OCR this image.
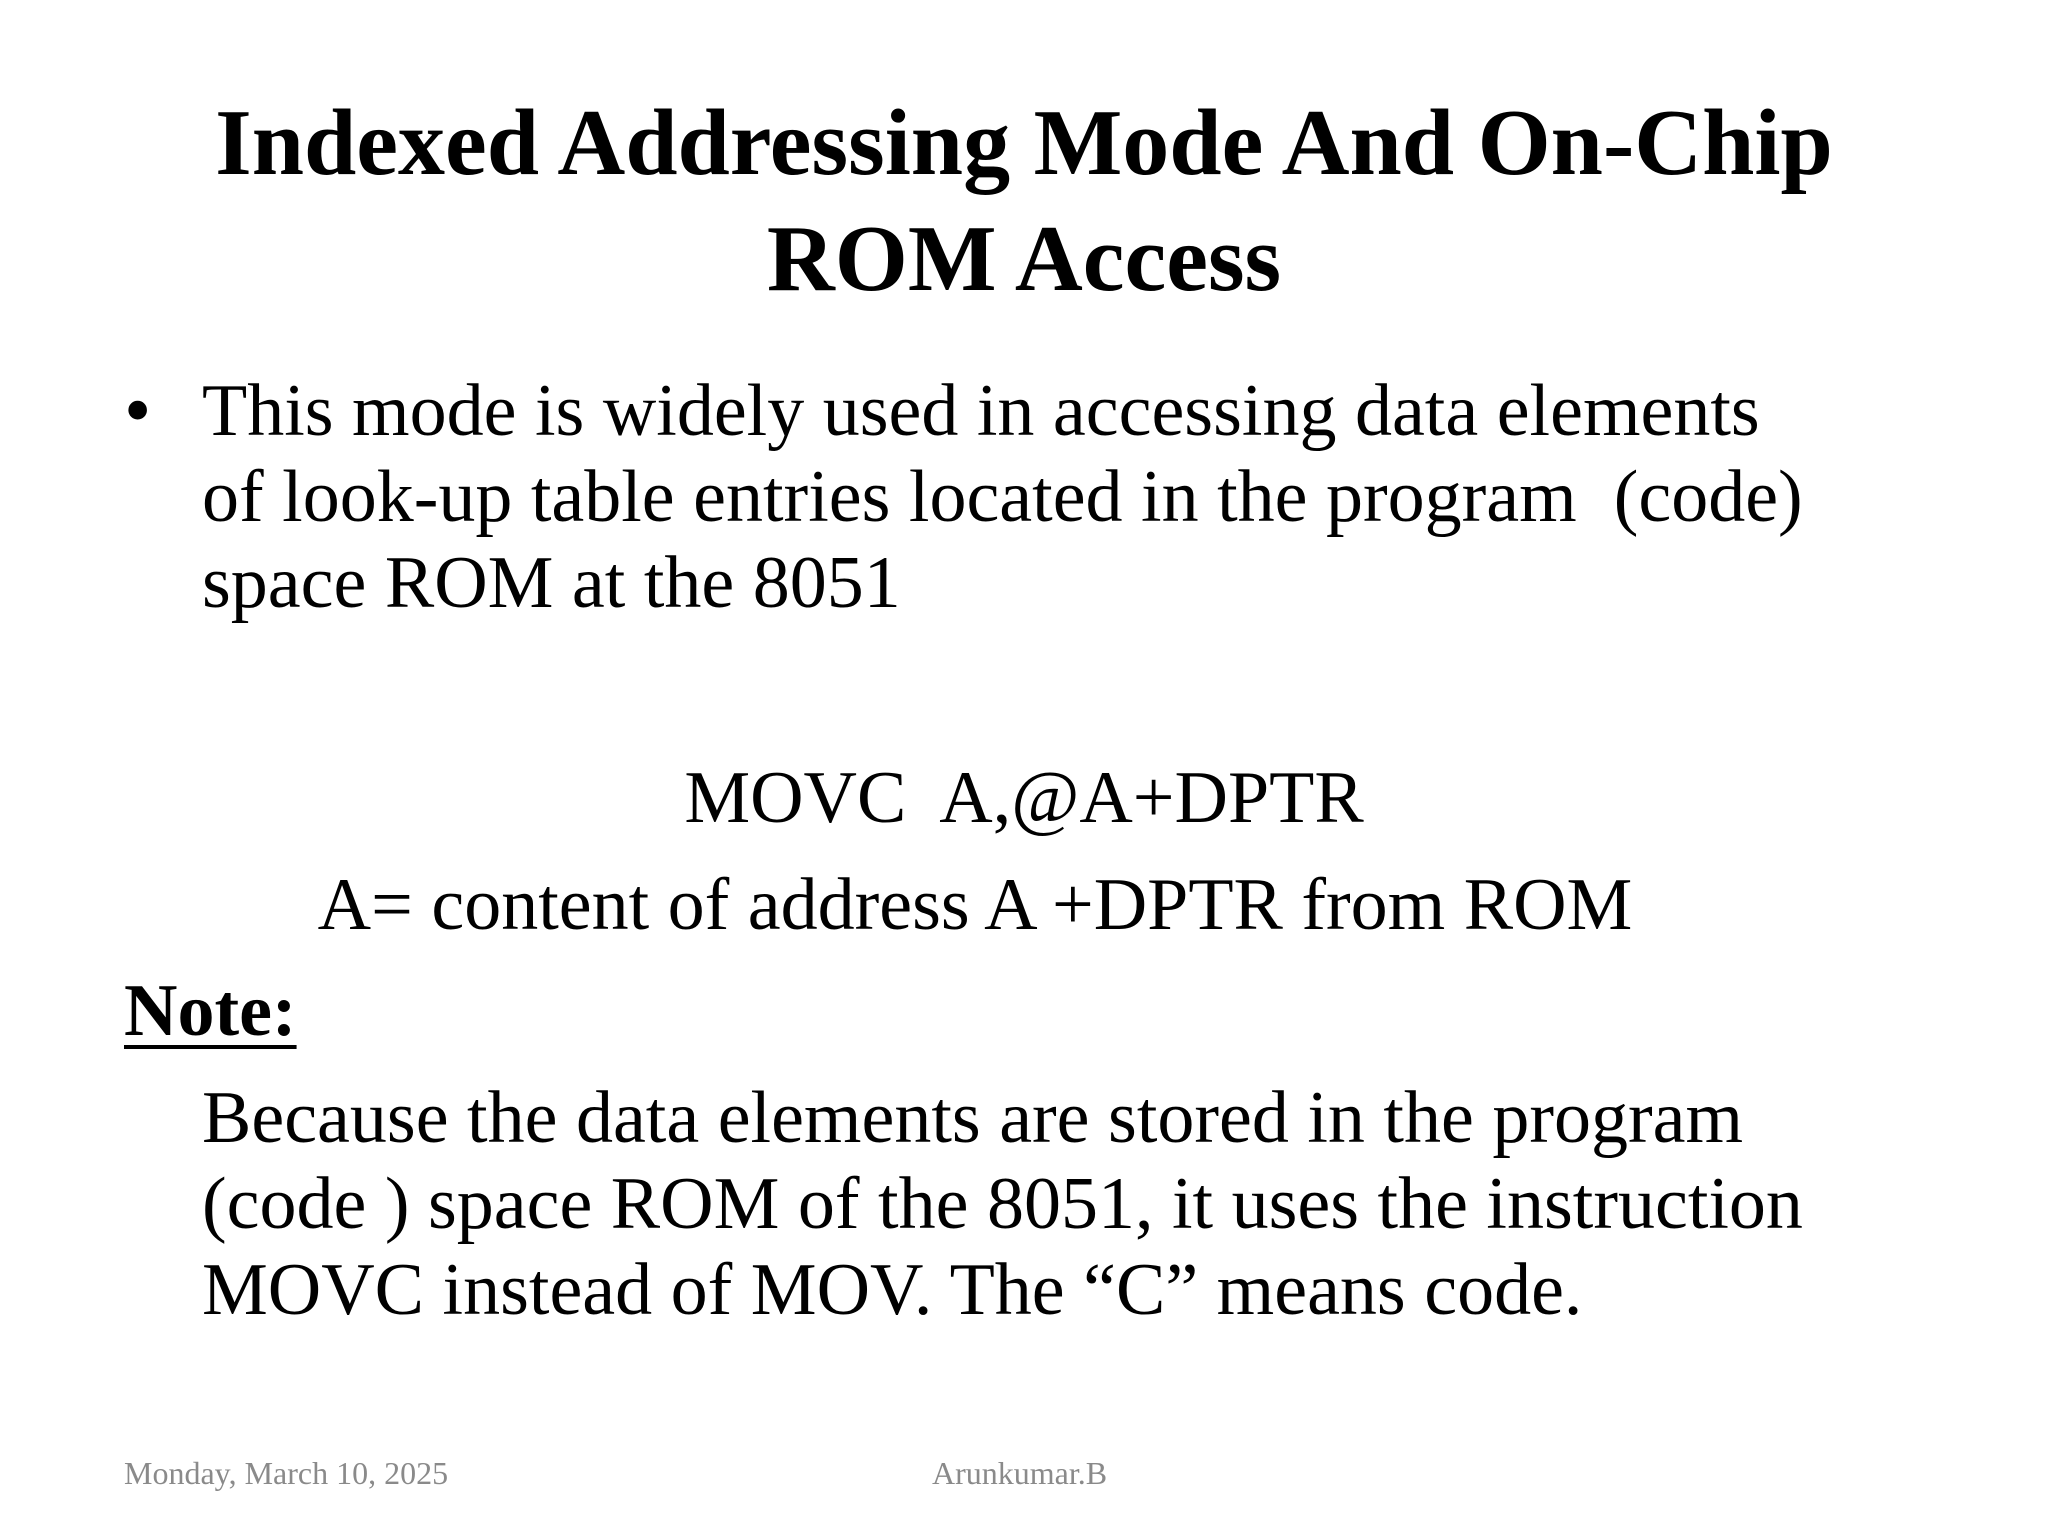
Indexed Addressing Mode And On-Chip
ROM Access
• This mode is widely used in accessing data elements
of look-up table entries located in the program  (code)
space ROM at the 8051
MOVC  A,@A+DPTR
A= content of address A +DPTR from ROM
Note:
Because the data elements are stored in the program
(code ) space ROM of the 8051, it uses the instruction
MOVC instead of MOV. The “C” means code.
Monday, March 10, 2025	Arunkumar.B
